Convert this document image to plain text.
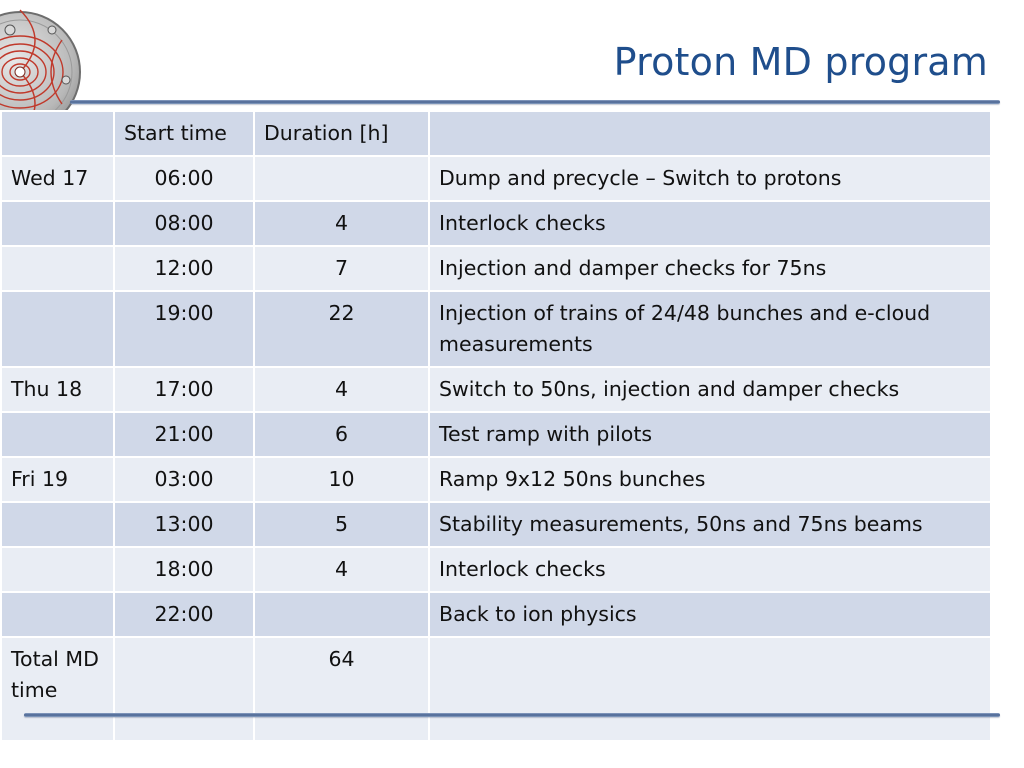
Proton MD program
	Start time	Duration [h]	
Wed 17	06:00		Dump and precycle – Switch to protons
	08:00	4	Interlock checks
	12:00	7	Injection and damper checks for 75ns
	19:00	22	Injection of trains of 24/48 bunches and e-cloud measurements
Thu 18	17:00	4	Switch to 50ns, injection and damper checks
	21:00	6	Test ramp with pilots
Fri 19	03:00	10	Ramp 9x12 50ns bunches
	13:00	5	Stability measurements, 50ns and 75ns beams
	18:00	4	Interlock checks
	22:00		Back to ion physics
Total MD time		64	
